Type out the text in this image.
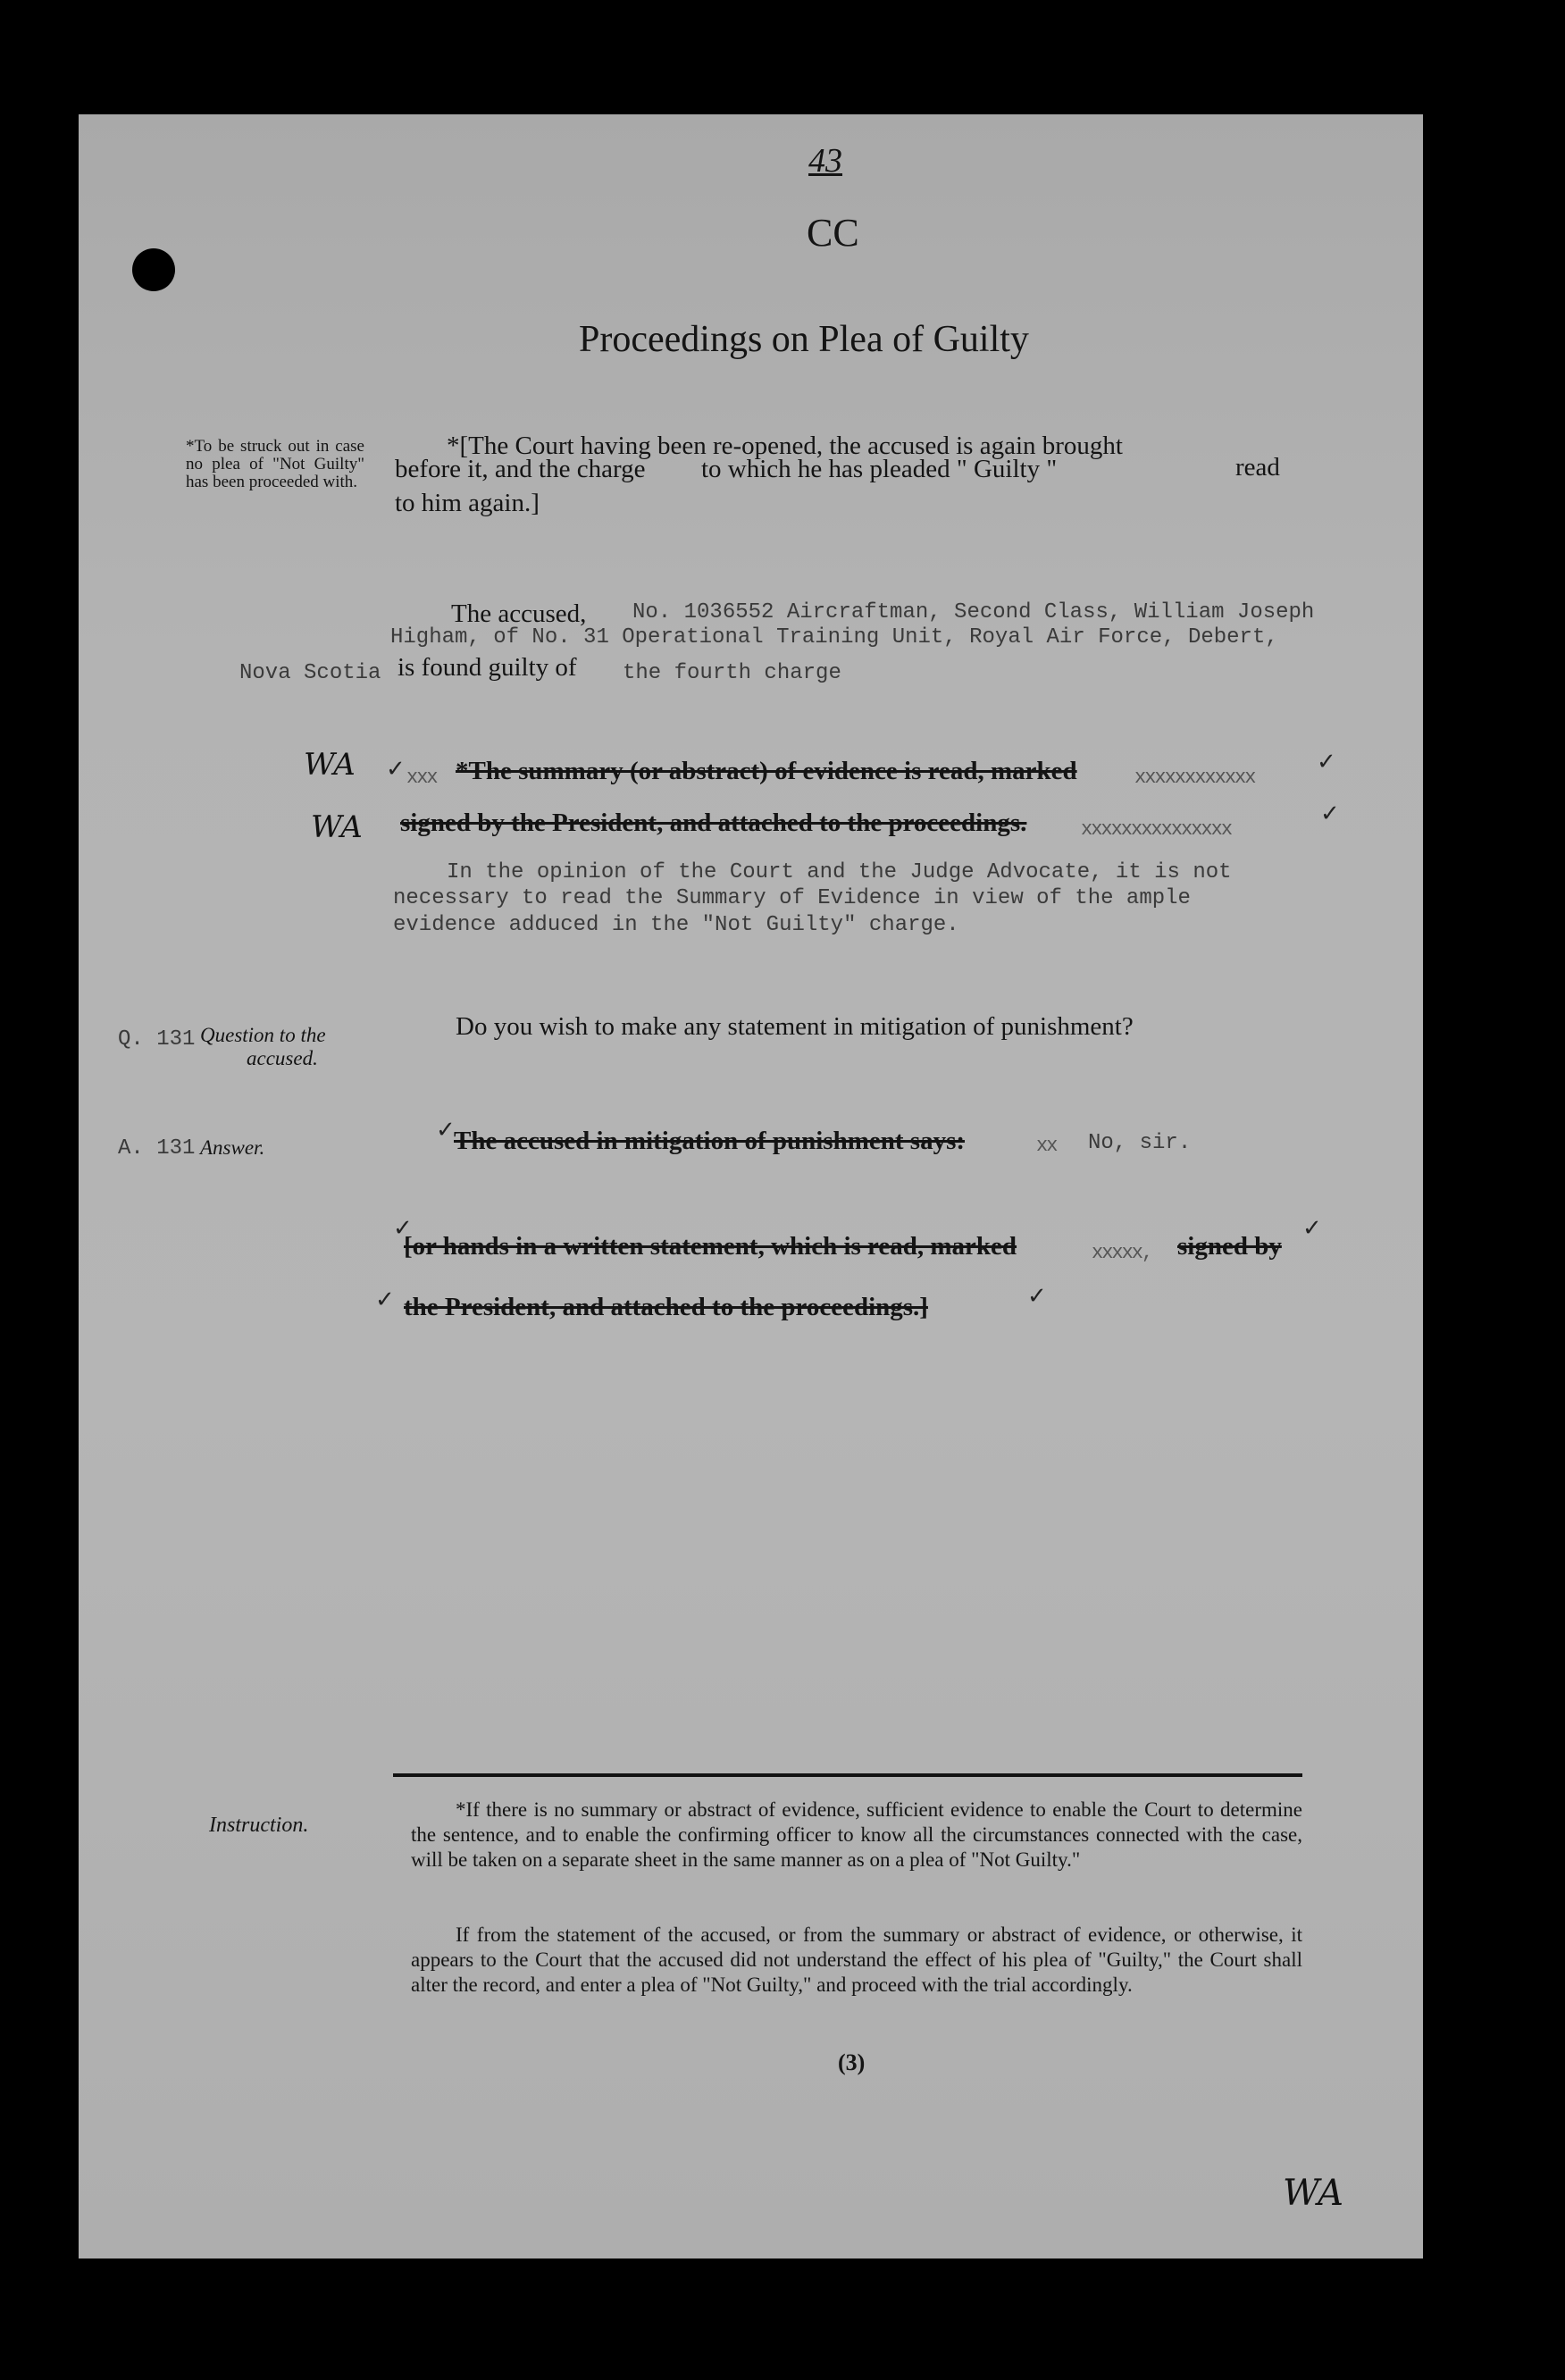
43
CC
Proceedings on Plea of Guilty
*To be struck out in case no plea of "Not Guilty" has been proceeded with.
*[The Court having been re-opened, the accused is again brought
before it, and the charge to which he has pleaded " Guilty "	read
to him again.]
The accused, No. 1036552 Aircraftman, Second Class, William Joseph
Higham, of No. 31 Operational Training Unit, Royal Air Force, Debert,
Nova Scotia is found guilty of the fourth charge
WA
WA
✓	✓
✓
xxx *The summary (or abstract) of evidence is read, marked	xxxxxxxxxxxx
signed by the President, and attached to the proceedings.	xxxxxxxxxxxxxxx
In the opinion of the Court and the Judge Advocate, it is not
necessary to read the Summary of Evidence in view of the ample
evidence adduced in the "Not Guilty" charge.
Q. 131 Question to the
accused.
Do you wish to make any statement in mitigation of punishment?
A. 131 Answer.
✓
The accused in mitigation of punishment says:	xx No, sir.
✓
[or hands in a written statement, which is read, marked	xxxxx, signed by
✓
✓ the President, and attached to the proceedings.]	✓
Instruction.
*If there is no summary or abstract of evidence, sufficient evidence to enable the Court to determine the sentence, and to enable the confirming officer to know all the circumstances connected with the case, will be taken on a separate sheet in the same manner as on a plea of "Not Guilty."
If from the statement of the accused, or from the summary or abstract of evidence, or otherwise, it appears to the Court that the accused did not understand the effect of his plea of "Guilty," the Court shall alter the record, and enter a plea of "Not Guilty," and proceed with the trial accordingly.
(3)
WA
